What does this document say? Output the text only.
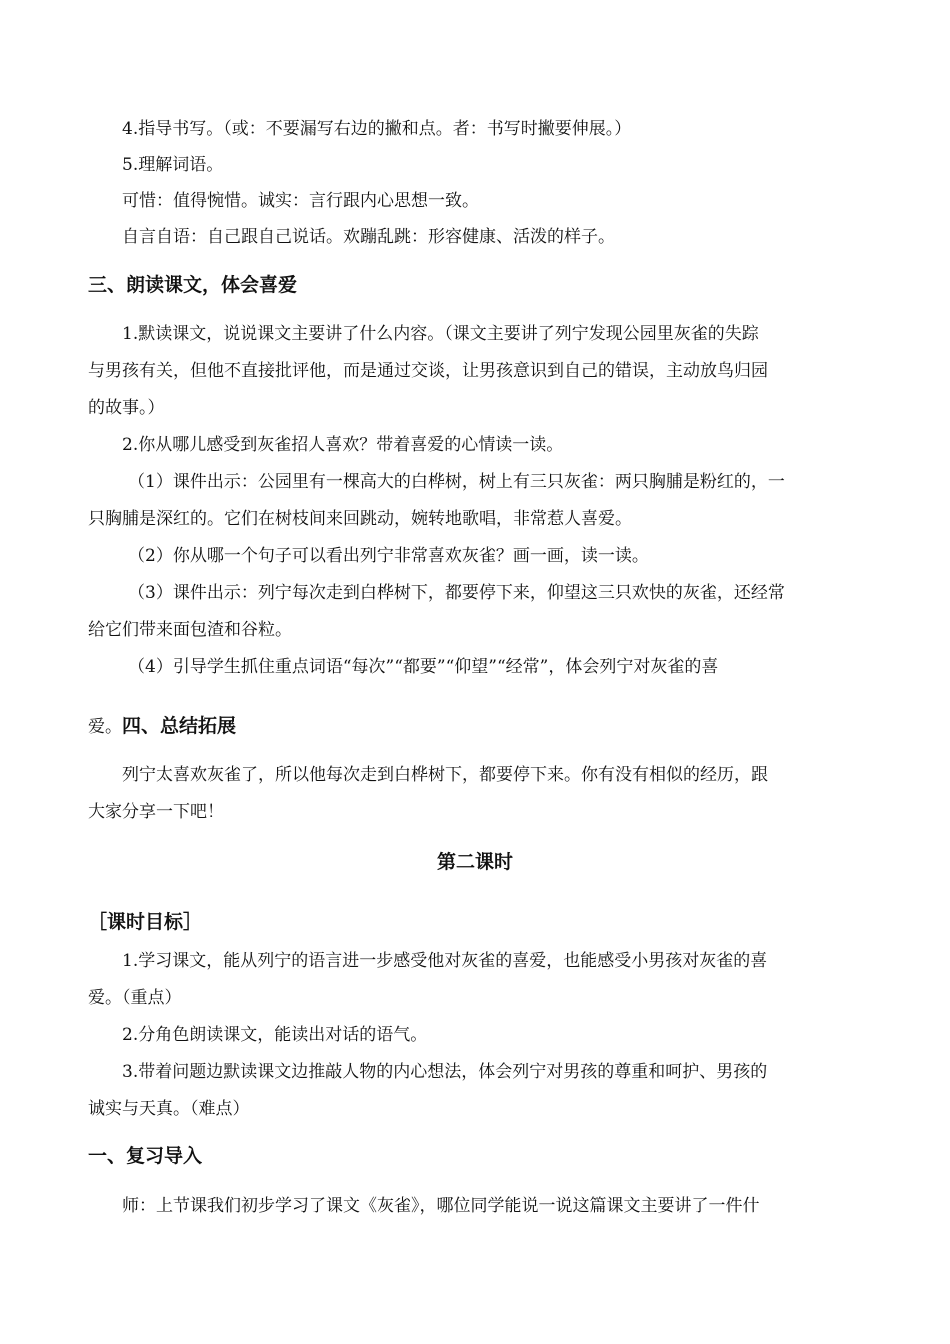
4.指导书写。（或：不要漏写右边的撇和点。者：书写时撇要伸展。）
5.理解词语。
可惜：值得惋惜。诚实：言行跟内心思想一致。
自言自语：自己跟自己说话。欢蹦乱跳：形容健康、活泼的样子。
三、朗读课文，体会喜爱
1.默读课文，说说课文主要讲了什么内容。（课文主要讲了列宁发现公园里灰雀的失踪
与男孩有关，但他不直接批评他，而是通过交谈，让男孩意识到自己的错误，主动放鸟归园
的故事。）
2.你从哪儿感受到灰雀招人喜欢？带着喜爱的心情读一读。
（1）课件出示：公园里有一棵高大的白桦树，树上有三只灰雀：两只胸脯是粉红的，一
只胸脯是深红的。它们在树枝间来回跳动，婉转地歌唱，非常惹人喜爱。
（2）你从哪一个句子可以看出列宁非常喜欢灰雀？画一画，读一读。
（3）课件出示：列宁每次走到白桦树下，都要停下来，仰望这三只欢快的灰雀，还经常
给它们带来面包渣和谷粒。
（4）引导学生抓住重点词语“每次”“都要”“仰望”“经常”，体会列宁对灰雀的喜
爱。四、总结拓展
列宁太喜欢灰雀了，所以他每次走到白桦树下，都要停下来。你有没有相似的经历，跟
大家分享一下吧！
第二课时
［课时目标］
1.学习课文，能从列宁的语言进一步感受他对灰雀的喜爱，也能感受小男孩对灰雀的喜
爱。（重点）
2.分角色朗读课文，能读出对话的语气。
3.带着问题边默读课文边推敲人物的内心想法，体会列宁对男孩的尊重和呵护、男孩的
诚实与天真。（难点）
一、复习导入
师：上节课我们初步学习了课文《灰雀》，哪位同学能说一说这篇课文主要讲了一件什
